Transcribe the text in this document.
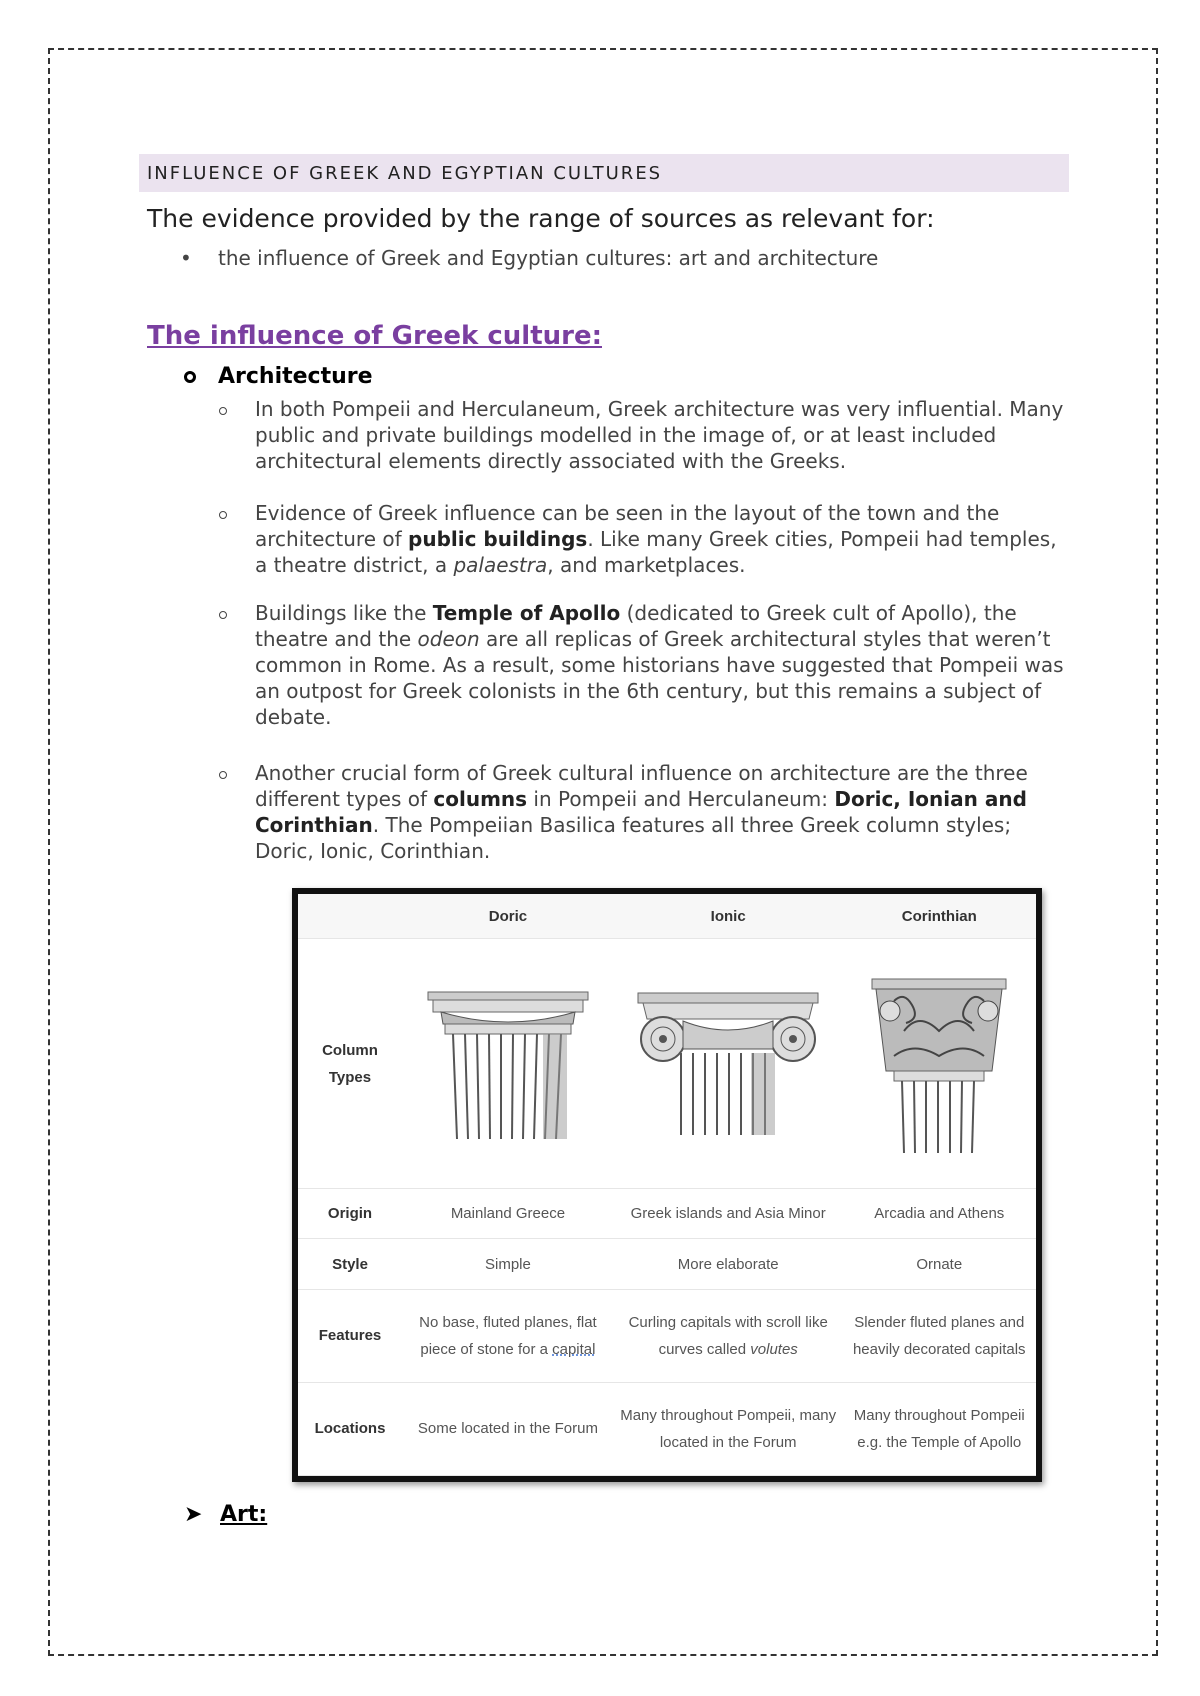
INFLUENCE OF GREEK AND EGYPTIAN CULTURES
The evidence provided by the range of sources as relevant for:
• the influence of Greek and Egyptian cultures: art and architecture
The influence of Greek culture:
Architecture
In both Pompeii and Herculaneum, Greek architecture was very influential. Many public and private buildings modelled in the image of, or at least included architectural elements directly associated with the Greeks.
Evidence of Greek influence can be seen in the layout of the town and the architecture of public buildings. Like many Greek cities, Pompeii had temples, a theatre district, a palaestra, and marketplaces.
Buildings like the Temple of Apollo (dedicated to Greek cult of Apollo), the theatre and the odeon are all replicas of Greek architectural styles that weren’t common in Rome. As a result, some historians have suggested that Pompeii was an outpost for Greek colonists in the 6th century, but this remains a subject of debate.
Another crucial form of Greek cultural influence on architecture are the three different types of columns in Pompeii and Herculaneum: Doric, Ionian and Corinthian. The Pompeiian Basilica features all three Greek column styles; Doric, Ionic, Corinthian.
	Doric	Ionic	Corinthian
Column Types	

Origin	Mainland Greece	Greek islands and Asia Minor	Arcadia and Athens
Style	Simple	More elaborate	Ornate
Features	No base, fluted planes, flat piece of stone for a capital	Curling capitals with scroll like curves called volutes	Slender fluted planes and heavily decorated capitals
Locations	Some located in the Forum	Many throughout Pompeii, many located in the Forum	Many throughout Pompeii e.g. the Temple of Apollo
➤ Art:
